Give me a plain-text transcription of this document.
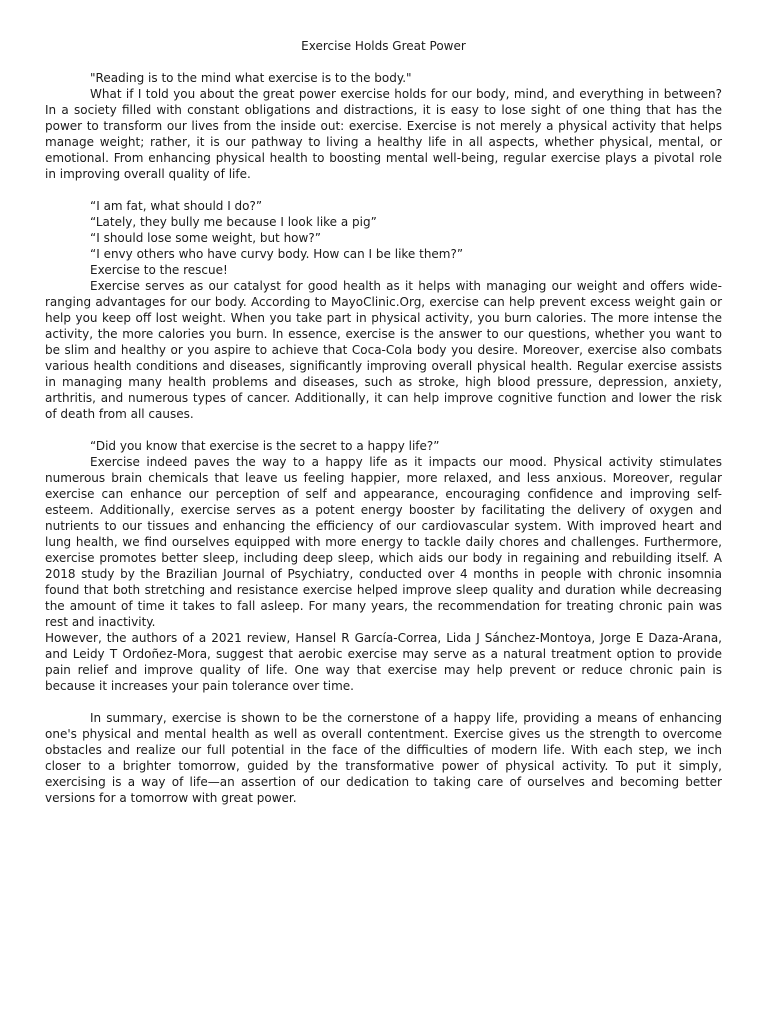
Exercise Holds Great Power

"Reading is to the mind what exercise is to the body."

What if I told you about the great power exercise holds for our body, mind, and everything in between? In a society filled with constant obligations and distractions, it is easy to lose sight of one thing that has the power to transform our lives from the inside out: exercise. Exercise is not merely a physical activity that helps manage weight; rather, it is our pathway to living a healthy life in all aspects, whether physical, mental, or emotional. From enhancing physical health to boosting mental well-being, regular exercise plays a pivotal role in improving overall quality of life.

“I am fat, what should I do?”

“Lately, they bully me because I look like a pig”

“I should lose some weight, but how?”

“I envy others who have curvy body. How can I be like them?”

Exercise to the rescue!

Exercise serves as our catalyst for good health as it helps with managing our weight and offers wide-ranging advantages for our body. According to MayoClinic.Org, exercise can help prevent excess weight gain or help you keep off lost weight. When you take part in physical activity, you burn calories. The more intense the activity, the more calories you burn. In essence, exercise is the answer to our questions, whether you want to be slim and healthy or you aspire to achieve that Coca-Cola body you desire. Moreover, exercise also combats various health conditions and diseases, significantly improving overall physical health. Regular exercise assists in managing many health problems and diseases, such as stroke, high blood pressure, depression, anxiety, arthritis, and numerous types of cancer. Additionally, it can help improve cognitive function and lower the risk of death from all causes.

“Did you know that exercise is the secret to a happy life?”

Exercise indeed paves the way to a happy life as it impacts our mood. Physical activity stimulates numerous brain chemicals that leave us feeling happier, more relaxed, and less anxious. Moreover, regular exercise can enhance our perception of self and appearance, encouraging confidence and improving self-esteem. Additionally, exercise serves as a potent energy booster by facilitating the delivery of oxygen and nutrients to our tissues and enhancing the efficiency of our cardiovascular system. With improved heart and lung health, we find ourselves equipped with more energy to tackle daily chores and challenges. Furthermore, exercise promotes better sleep, including deep sleep, which aids our body in regaining and rebuilding itself. A 2018 study by the Brazilian Journal of Psychiatry, conducted over 4 months in people with chronic insomnia found that both stretching and resistance exercise helped improve sleep quality and duration while decreasing the amount of time it takes to fall asleep. For many years, the recommendation for treating chronic pain was rest and inactivity.

However, the authors of a 2021 review, Hansel R García-Correa, Lida J Sánchez-Montoya, Jorge E Daza-Arana, and Leidy T Ordoñez-Mora, suggest that aerobic exercise may serve as a natural treatment option to provide pain relief and improve quality of life. One way that exercise may help prevent or reduce chronic pain is because it increases your pain tolerance over time.

In summary, exercise is shown to be the cornerstone of a happy life, providing a means of enhancing one's physical and mental health as well as overall contentment. Exercise gives us the strength to overcome obstacles and realize our full potential in the face of the difficulties of modern life. With each step, we inch closer to a brighter tomorrow, guided by the transformative power of physical activity. To put it simply, exercising is a way of life—an assertion of our dedication to taking care of ourselves and becoming better versions for a tomorrow with great power.
